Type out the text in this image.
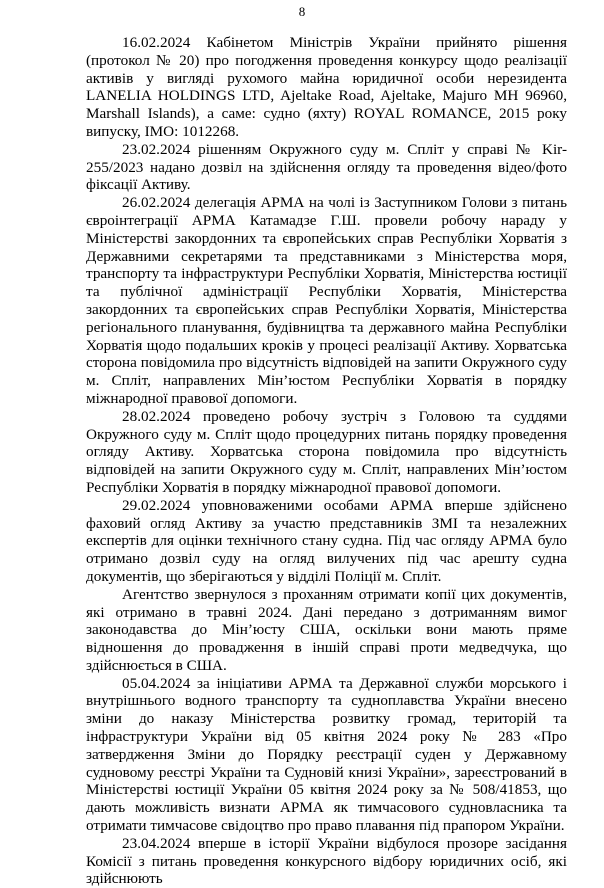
8

16.02.2024 Кабінетом Міністрів України прийнято рішення (протокол № 20) про погодження проведення конкурсу щодо реалізації активів у вигляді рухомого майна юридичної особи нерезидента LANELIA HOLDINGS LTD, Ajeltake Road, Ajeltake, Majuro MH 96960, Marshall Islands), а саме: судно (яхту) ROYAL ROMANCE, 2015 року випуску, IMO: 1012268.

23.02.2024 рішенням Окружного суду м. Спліт у справі № Kir-255/2023 надано дозвіл на здійснення огляду та проведення відео/фото фіксації Активу.

26.02.2024 делегація АРМА на чолі із Заступником Голови з питань євроінтеграції АРМА Катамадзе Г.Ш. провели робочу нараду у Міністерстві закордонних та європейських справ Республіки Хорватія з Державними секретарями та представниками з Міністерства моря, транспорту та інфраструктури Республіки Хорватія, Міністерства юстиції та публічної адміністрації Республіки Хорватія, Міністерства закордонних та європейських справ Республіки Хорватія, Міністерства регіонального планування, будівництва та державного майна Республіки Хорватія щодо подальших кроків у процесі реалізації Активу. Хорватська сторона повідомила про відсутність відповідей на запити Окружного суду м. Спліт, направлених Мін’юстом Республіки Хорватія в порядку міжнародної правової допомоги.

28.02.2024 проведено робочу зустріч з Головою та суддями Окружного суду м. Спліт щодо процедурних питань порядку проведення огляду Активу. Хорватська сторона повідомила про відсутність відповідей на запити Окружного суду м. Спліт, направлених Мін’юстом Республіки Хорватія в порядку міжнародної правової допомоги.

29.02.2024 уповноваженими особами АРМА вперше здійснено фаховий огляд Активу за участю представників ЗМІ та незалежних експертів для оцінки технічного стану судна. Під час огляду АРМА було отримано дозвіл суду на огляд вилучених під час арешту судна документів, що зберігаються у відділі Поліції м. Спліт.

Агентство звернулося з проханням отримати копії цих документів, які отримано в травні 2024. Дані передано з дотриманням вимог законодавства до Мін’юсту США, оскільки вони мають пряме відношення до провадження в іншій справі проти медведчука, що здійснюється в США.

05.04.2024 за ініціативи АРМА та Державної служби морського і внутрішнього водного транспорту та судноплавства України внесено зміни до наказу Міністерства розвитку громад, територій та інфраструктури України від 05 квітня 2024 року № 283 «Про затвердження Зміни до Порядку реєстрації суден у Державному судновому реєстрі України та Судновій книзі України», зареєстрований в Міністерстві юстиції України 05 квітня 2024 року за № 508/41853, що дають можливість визнати АРМА як тимчасового судновласника та отримати тимчасове свідоцтво про право плавання під прапором України.

23.04.2024 вперше в історії України відбулося прозоре засідання Комісії з питань проведення конкурсного відбору юридичних осіб, які здійснюють
